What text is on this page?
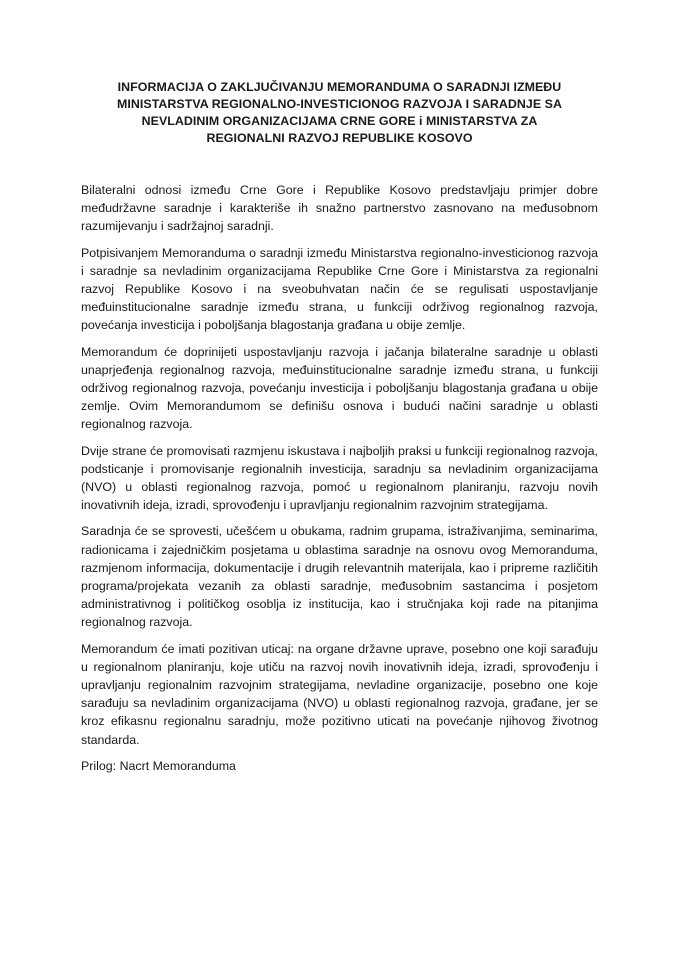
INFORMACIJA O ZAKLJUČIVANJU MEMORANDUMA O SARADNJI IZMEĐU
MINISTARSTVA REGIONALNO-INVESTICIONOG RAZVOJA I SARADNJE SA
NEVLADINIM ORGANIZACIJAMA CRNE GORE i MINISTARSTVA ZA
REGIONALNI RAZVOJ REPUBLIKE KOSOVO

Bilateralni odnosi između Crne Gore i Republike Kosovo predstavljaju primjer dobre međudržavne saradnje i karakteriše ih snažno partnerstvo zasnovano na međusobnom razumijevanju i sadržajnoj saradnji.

Potpisivanjem Memoranduma o saradnji između Ministarstva regionalno-investicionog razvoja i saradnje sa nevladinim organizacijama Republike Crne Gore i Ministarstva za regionalni razvoj Republike Kosovo i na sveobuhvatan način će se regulisati uspostavljanje međuinstitucionalne saradnje između strana, u funkciji održivog regionalnog razvoja, povećanja investicija i poboljšanja blagostanja građana u obije zemlje.

Memorandum će doprinijeti uspostavljanju razvoja i jačanja bilateralne saradnje u oblasti unaprjeđenja regionalnog razvoja, međuinstitucionalne saradnje između strana, u funkciji održivog regionalnog razvoja, povećanju investicija i poboljšanju blagostanja građana u obije zemlje. Ovim Memorandumom se definišu osnova i budući načini saradnje u oblasti regionalnog razvoja.

Dvije strane će promovisati razmjenu iskustava i najboljih praksi u funkciji regionalnog razvoja, podsticanje i promovisanje regionalnih investicija, saradnju sa nevladinim organizacijama (NVO) u oblasti regionalnog razvoja, pomoć u regionalnom planiranju, razvoju novih inovativnih ideja, izradi, sprovođenju i upravljanju regionalnim razvojnim strategijama.

Saradnja će se sprovesti, učešćem u obukama, radnim grupama, istraživanjima, seminarima, radionicama i zajedničkim posjetama u oblastima saradnje na osnovu ovog Memoranduma, razmjenom informacija, dokumentacije i drugih relevantnih materijala, kao i pripreme različitih programa/projekata vezanih za oblasti saradnje, međusobnim sastancima i posjetom administrativnog i političkog osoblja iz institucija, kao i stručnjaka koji rade na pitanjima regionalnog razvoja.

Memorandum će imati pozitivan uticaj: na organe državne uprave, posebno one koji sarađuju u regionalnom planiranju, koje utiču na razvoj novih inovativnih ideja, izradi, sprovođenju i upravljanju regionalnim razvojnim strategijama, nevladine organizacije, posebno one koje sarađuju sa nevladinim organizacijama (NVO) u oblasti regionalnog razvoja, građane, jer se kroz efikasnu regionalnu saradnju, može pozitivno uticati na povećanje njihovog životnog standarda.

Prilog: Nacrt Memoranduma
